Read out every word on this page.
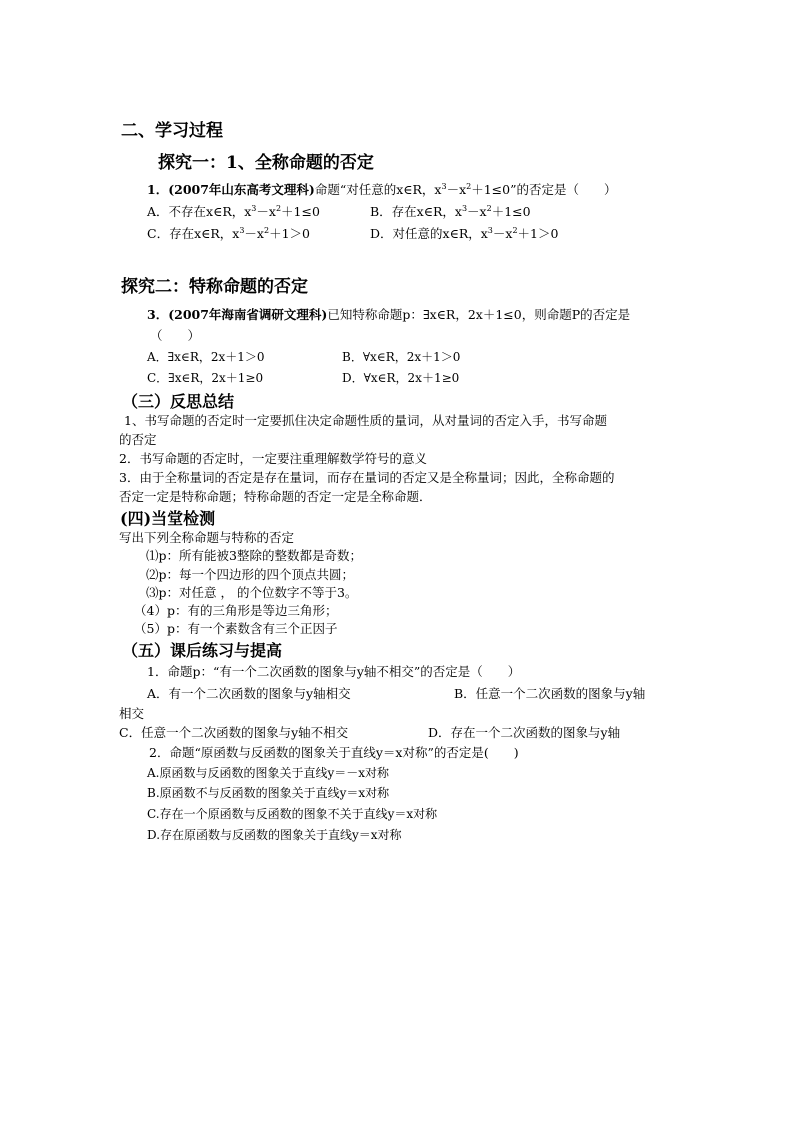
二、学习过程
探究一：1、全称命题的否定
1．(2007年山东高考文理科)命题“对任意的x∈R，$x^3-x^2+1\le 0$”的否定是（　　）
A．不存在x∈R，$x^3-x^2+1\le 0$	B．存在x∈R，$x^3-x^2+1\le 0$
C．存在x∈R，$x^3-x^2+1>0$	D．对任意的x∈R，$x^3-x^2+1>0$
探究二：特称命题的否定
3．(2007年海南省调研文理科)已知特称命题p：∃x∈R，2x＋1≤0，则命题P的否定是
（　　）
A．∃x∈R，2x＋1＞0	B．∀x∈R，2x＋1＞0
C．∃x∈R，2x＋1≥0	D．∀x∈R，2x＋1≥0
（三）反思总结
1、书写命题的否定时一定要抓住决定命题性质的量词，从对量词的否定入手，书写命题
的否定
2．书写命题的否定时，一定要注重理解数学符号的意义
3．由于全称量词的否定是存在量词，而存在量词的否定又是全称量词；因此，全称命题的
否定一定是特称命题；特称命题的否定一定是全称命题．
(四)当堂检测
写出下列全称命题与特称的否定
⑴p：所有能被3整除的整数都是奇数；
⑵p：每一个四边形的四个顶点共圆；
⑶p：对任意 ， 的个位数字不等于3。
（4）p：有的三角形是等边三角形；
（5）p：有一个素数含有三个正因子
（五）课后练习与提高
1．命题p：“有一个二次函数的图象与y轴不相交”的否定是（　　）
A．有一个二次函数的图象与y轴相交	B．任意一个二次函数的图象与y轴
相交
C．任意一个二次函数的图象与y轴不相交	D．存在一个二次函数的图象与y轴
2．命题“原函数与反函数的图象关于直线y＝x对称”的否定是(　　)
A.原函数与反函数的图象关于直线y＝－x对称
B.原函数不与反函数的图象关于直线y＝x对称
C.存在一个原函数与反函数的图象不关于直线y＝x对称
D.存在原函数与反函数的图象关于直线y＝x对称
